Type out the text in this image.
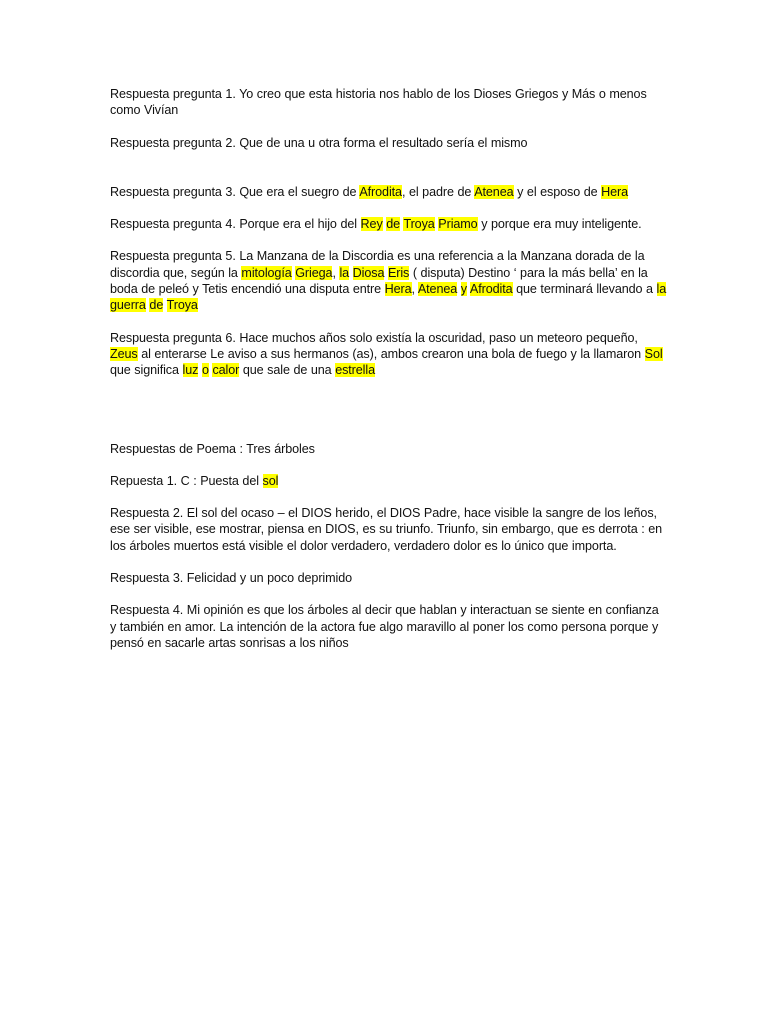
Respuesta pregunta 1. Yo creo que esta historia nos hablo de los Dioses Griegos y Más o menos como Vivían

Respuesta pregunta 2. Que de una u otra forma el resultado sería el mismo

Respuesta pregunta 3. Que era el suegro de Afrodita, el padre de Atenea y el esposo de Hera

Respuesta pregunta 4. Porque era el hijo del Rey de Troya Priamo y porque era muy inteligente.

Respuesta pregunta 5. La Manzana de la Discordia es una referencia a la Manzana dorada de la discordia que, según la mitología Griega, la Diosa Eris ( disputa) Destino ‘ para la más bella’ en la boda de peleó y Tetis encendió una disputa entre Hera, Atenea y Afrodita que terminará llevando a la guerra de Troya

Respuesta pregunta 6. Hace muchos años solo existía la oscuridad, paso un meteoro pequeño, Zeus al enterarse Le aviso a sus hermanos (as), ambos crearon una bola de fuego y la llamaron Sol que significa luz o calor que sale de una estrella

Respuestas de Poema : Tres árboles

Repuesta 1. C : Puesta del sol

Respuesta 2. El sol del ocaso – el DIOS herido, el DIOS Padre, hace visible la sangre de los leños, ese ser visible, ese mostrar, piensa en DIOS, es su triunfo. Triunfo, sin embargo, que es derrota : en los árboles muertos está visible el dolor verdadero, verdadero dolor es lo único que importa.

Respuesta 3. Felicidad y un poco deprimido

Respuesta 4. Mi opinión es que los árboles al decir que hablan y interactuan se siente en confianza y también en amor. La intención de la actora fue algo maravillo al poner los como persona porque y pensó en sacarle artas sonrisas a los niños
